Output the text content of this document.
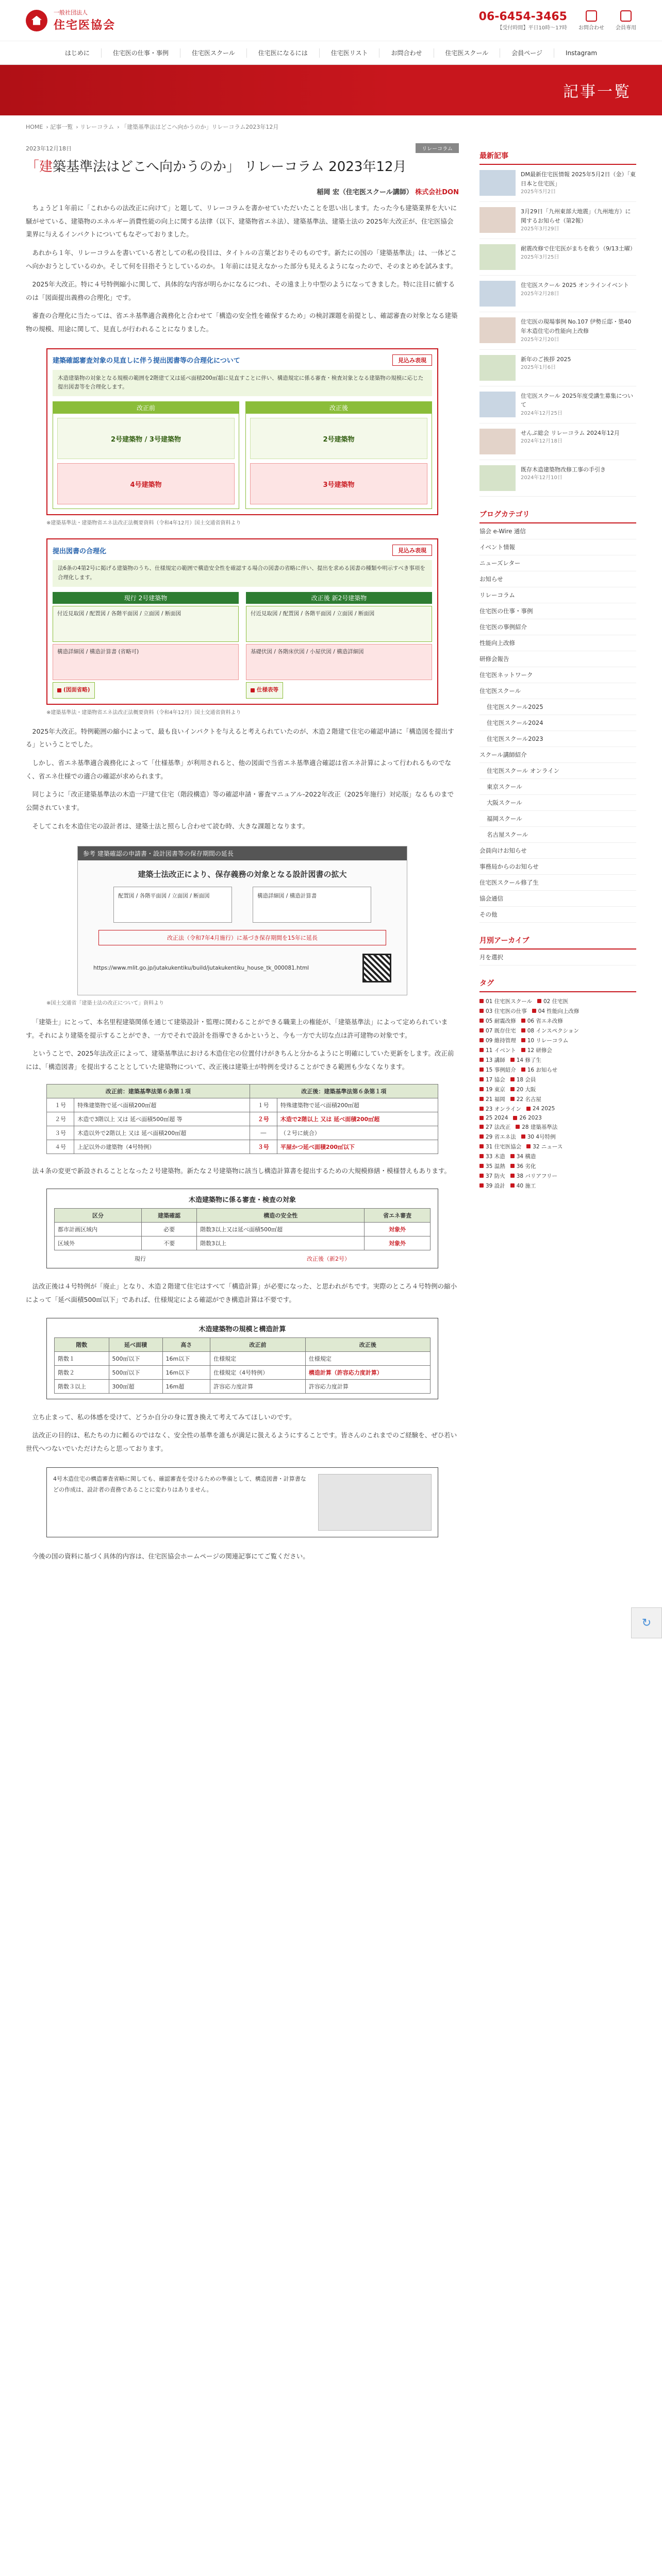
一般社団法人
住宅医協会
06-6454-3465
【受付時間】平日10時〜17時 お問合わせ 会員専用
はじめに	住宅医の仕事・事例	住宅医スクール	住宅医になるには	住宅医リスト	お問合わせ	住宅医スクール	会員ページ	Instagram
記事一覧
HOME › 記事一覧 › リレーコラム › 「建築基準法はどこへ向かうのか」リレーコラム2023年12月
2023年12月18日	リレーコラム
「建築基準法はどこへ向かうのか」 リレーコラム 2023年12月
稲岡 宏（住宅医スクール講師） 株式会社DON

ちょうど１年前に「これからの法改正に向けて」と題して、リレーコラムを書かせていただいたことを思い出します。たった今も建築業界を大いに騒がせている、建築物のエネルギー消費性能の向上に関する法律（以下、建築物省エネ法）、建築基準法、建築士法の 2025年大改正が、住宅医協会業界に与えるインパクトについてもなぞっておりました。

あれから１年、リレーコラムを書いている者としての私の役目は、タイトルの言葉どおりそのものです。新たにの国の「建築基準法」は、一体どこへ向かおうとしているのか。そして何を目指そうとしているのか。１年前には見えなかった部分も見えるようになったので、そのまとめを試みます。

2025年大改正。特に４号特例縮小に関して、具体的な内容が明らかになるにつれ、その遠ま上り中型のようになってきました。特に注目に値するのは「図面提出義務の合理化」です。

審査の合理化に当たっては、省エネ基準適合義務化と合わせて「構造の安全性を確保するため」の検討課題を前提とし、確認審査の対象となる建築物の規模、用途に関して、見直しが行われることになりました。

建築確認審査対象の見直しに伴う提出図書等の合理化について	見込み表現
木造建築物の対象となる規模の範囲を2階建て又は延べ面積200㎡超に見直すことに伴い、構造規定に係る審査・検査対象となる建築物の規模に応じた提出図書等を合理化します。
改正前
2号建築物 / 3号建築物
4号建築物
改正後
2号建築物
3号建築物
※建築基準法・建築物省エネ法改正法概要資料（令和4年12月）国土交通省資料より
提出図書の合理化	見込み表現
法6条の4第2号に掲げる建築物のうち、仕様規定の範囲で構造安全性を確認する場合の図書の省略に伴い、提出を求める図書の種類や明示すべき事項を合理化します。
現行 2号建築物
付近見取図 / 配置図 / 各階平面図 / 立面図 / 断面図
構造詳細図 / 構造計算書 (省略可)
(図面省略)
改正後 新2号建築物
付近見取図 / 配置図 / 各階平面図 / 立面図 / 断面図
基礎伏図 / 各階床伏図 / 小屋伏図 / 構造詳細図
仕様表等
※建築基準法・建築物省エネ法改正法概要資料（令和4年12月）国土交通省資料より

2025年大改正。特例範囲の縮小によって、最も良いインパクトを与えると考えられていたのが、木造２階建て住宅の確認申請に「構造図を提出する」ということでした。

しかし、省エネ基準適合義務化によって「仕様基準」が利用されると、他の図面で当省エネ基準適合確認は省エネ計算によって行われるものでなく、省エネ仕様での適合の確認が求められます。

同じように「改正建築基準法の木造一戸建て住宅（階段構造）等の確認申請・審査マニュアル-2022年改正（2025年施行）対応版」なるものまで公開されています。

そしてこれを木造住宅の設計者は、建築士法と照らし合わせて読む時、大きな課題となります。

参考 建築確認の申請書・設計図書等の保存期間の延長
建築士法改正により、保存義務の対象となる設計図書の拡大
配置図 / 各階平面図 / 立面図 / 断面図	構造詳細図 / 構造計算書
改正法（令和7年4月施行）に基づき保存期間を15年に延長
https://www.mlit.go.jp/jutakukentiku/build/jutakukentiku_house_tk_000081.html
※国土交通省「建築士法の改正について」資料より

「建築士」にとって、本名里程建築関係を通じて建築設計・監理に関わることができる職業上の権能が、「建築基準法」によって定められています。それにより建築を提示することができ、一方でそれで設計を指導できるかというと、今も一方で大切な点は許可建物の対象です。

ということで、2025年法改正によって、建築基準法における木造住宅の位置付けがきちんと分かるようにと明確にしていた更新をします。改正前には、「構造図書」を提出することとしていた建築物について、改正後は建築士が特例を受けることができる範囲も少なくなります。

改正前：建築基準法第６条第１項		改正後：建築基準法第６条第１項	
１号	特殊建築物で延べ面積200㎡超	１号	特殊建築物で延べ面積200㎡超
２号	木造で3階以上 又は 延べ面積500㎡超 等	２号	木造で2階以上 又は 延べ面積200㎡超
３号	木造以外で2階以上 又は 延べ面積200㎡超	―	（２号に統合）
４号	上記以外の建築物（4号特例）	３号	平屋かつ延べ面積200㎡以下

法４条の変更で新設されることとなった２号建築物。新たな２号建築物に該当し構造計算書を提出するための大規模修繕・模様替えもあります。

木造建築物に係る審査・検査の対象
区分	建築確認	構造の安全性	省エネ審査
都市計画区域内	必要	階数3以上又は延べ面積500㎡超	対象外
区域外	不要	階数3以上	対象外
現行	改正後（新2号）

法改正後は４号特例が「廃止」となり、木造２階建て住宅はすべて「構造計算」が必要になった、と思われがちです。実際のところ４号特例の縮小によって「延べ面積500㎡以下」であれば、仕様規定による確認ができ構造計算は不要です。

木造建築物の規模と構造計算
階数	延べ面積	高さ	改正前	改正後
階数１	500㎡以下	16m以下	仕様規定	仕様規定
階数２	500㎡以下	16m以下	仕様規定（4号特例）	構造計算（許容応力度計算）
階数３以上	300㎡超	16m超	許容応力度計算	許容応力度計算

立ち止まって、私の体感を受けて、どうか自分の身に置き換えて考えてみてほしいのです。

法改正の目的は、私たちの力に頼るのではなく、安全性の基準を誰もが満足に扱えるようにすることです。皆さんのこれまでのご経験を、ぜひ若い世代へつないでいただけたらと思っております。

4号木造住宅の構造審査省略に関しても、確認審査を受けるための準備として、構造図書・計算書などの作成は、設計者の責務であることに変わりはありません。

今後の国の資料に基づく具体的内容は、住宅医協会ホームページの関連記事にてご覧ください。

最新記事
DM最新住宅医情報 2025年5月2日（金）「東日本と住宅医」
2025年5月2日
3月29日「九州東部大地震」（九州地方）に関するお知らせ（第2報）
2025年3月29日
耐震改修で住宅医がまちを救う（9/13土曜）
2025年3月25日
住宅医スクール 2025 オンラインイベント
2025年2月28日
住宅医の現場事例 No.107 伊勢丘邸・築40年木造住宅の性能向上改修
2025年2月20日
新年のご挨拶 2025
2025年1月6日
住宅医スクール 2025年度受講生募集について
2024年12月25日
せんぷ総会 リレーコラム 2024年12月
2024年12月18日
既存木造建築物改修工事の手引き
2024年12月10日
ブログカテゴリ
協会 e-Wire 通信
イベント情報
ニューズレター
お知らせ
リレーコラム
住宅医の仕事・事例
住宅医の事例紹介
性能向上改修
研修会報告
住宅医ネットワーク
住宅医スクール
住宅医スクール2025
住宅医スクール2024
住宅医スクール2023
スクール講師紹介
住宅医スクール オンライン
東京スクール
大阪スクール
福岡スクール
名古屋スクール
会員向けお知らせ
事務局からのお知らせ
住宅医スクール修了生
協会通信
その他
月別アーカイブ
月を選択
タグ
01 住宅医スクール	02 住宅医
03 住宅医の仕事	04 性能向上改修
05 耐震改修	06 省エネ改修
07 既存住宅	08 インスペクション
09 維持管理	10 リレーコラム
11 イベント	12 研修会
13 講師	14 修了生
15 事例紹介	16 お知らせ
17 協会	18 会員
19 東京	20 大阪
21 福岡	22 名古屋
23 オンライン	24 2025
25 2024	26 2023
27 法改正	28 建築基準法
29 省エネ法	30 4号特例
31 住宅医協会	32 ニュース
33 木造	34 構造
35 温熱	36 劣化
37 防火	38 バリアフリー
39 設計	40 施工
↻
